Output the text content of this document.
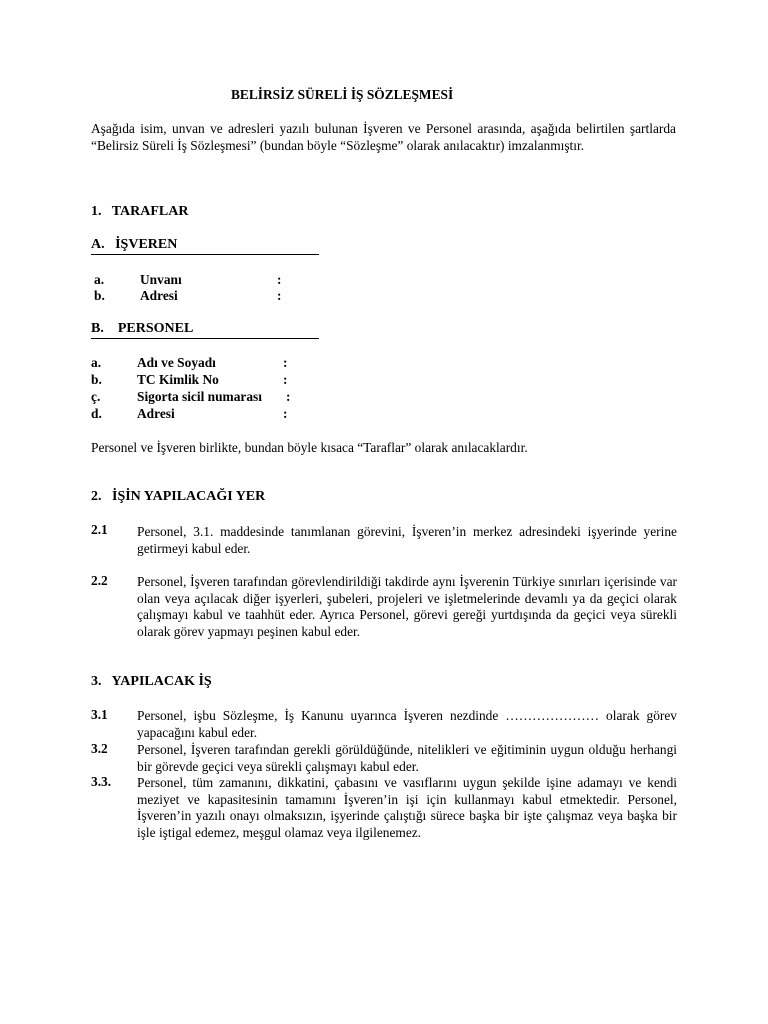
BELİRSİZ SÜRELİ İŞ SÖZLEŞMESİ
Aşağıda isim, unvan ve adresleri yazılı bulunan İşveren ve Personel arasında, aşağıda belirtilen şartlarda “Belirsiz Süreli İş Sözleşmesi” (bundan böyle “Sözleşme” olarak anılacaktır) imzalanmıştır.
1.   TARAFLAR
A.   İŞVEREN
a.	Unvanı	:
b.	Adresi	:
B.    PERSONEL
a.	Adı ve Soyadı	:
b.	TC Kimlik No	:
ç.	Sigorta sicil numarası :
d.	Adresi	:
Personel ve İşveren birlikte, bundan böyle kısaca “Taraflar” olarak anılacaklardır.
2.   İŞİN YAPILACAĞI YER
2.1 Personel, 3.1. maddesinde tanımlanan görevini, İşveren’in merkez adresindeki işyerinde yerine getirmeyi kabul eder.
2.2 Personel, İşveren tarafından görevlendirildiği takdirde aynı İşverenin Türkiye sınırları içerisinde var olan veya açılacak diğer işyerleri, şubeleri, projeleri ve işletmelerinde devamlı ya da geçici olarak çalışmayı kabul ve taahhüt eder. Ayrıca Personel, görevi gereği yurtdışında da geçici veya sürekli olarak görev yapmayı peşinen kabul eder.
3.   YAPILACAK İŞ
3.1 Personel, işbu Sözleşme, İş Kanunu uyarınca İşveren nezdinde ………………… olarak görev yapacağını kabul eder.
3.2 Personel, İşveren tarafından gerekli görüldüğünde, nitelikleri ve eğitiminin uygun olduğu herhangi bir görevde geçici veya sürekli çalışmayı kabul eder.
3.3. Personel, tüm zamanını, dikkatini, çabasını ve vasıflarını uygun şekilde işine adamayı ve kendi meziyet ve kapasitesinin tamamını İşveren’in işi için kullanmayı kabul etmektedir. Personel, İşveren’in yazılı onayı olmaksızın, işyerinde çalıştığı sürece başka bir işte çalışmaz veya başka bir işle iştigal edemez, meşgul olamaz veya ilgilenemez.
